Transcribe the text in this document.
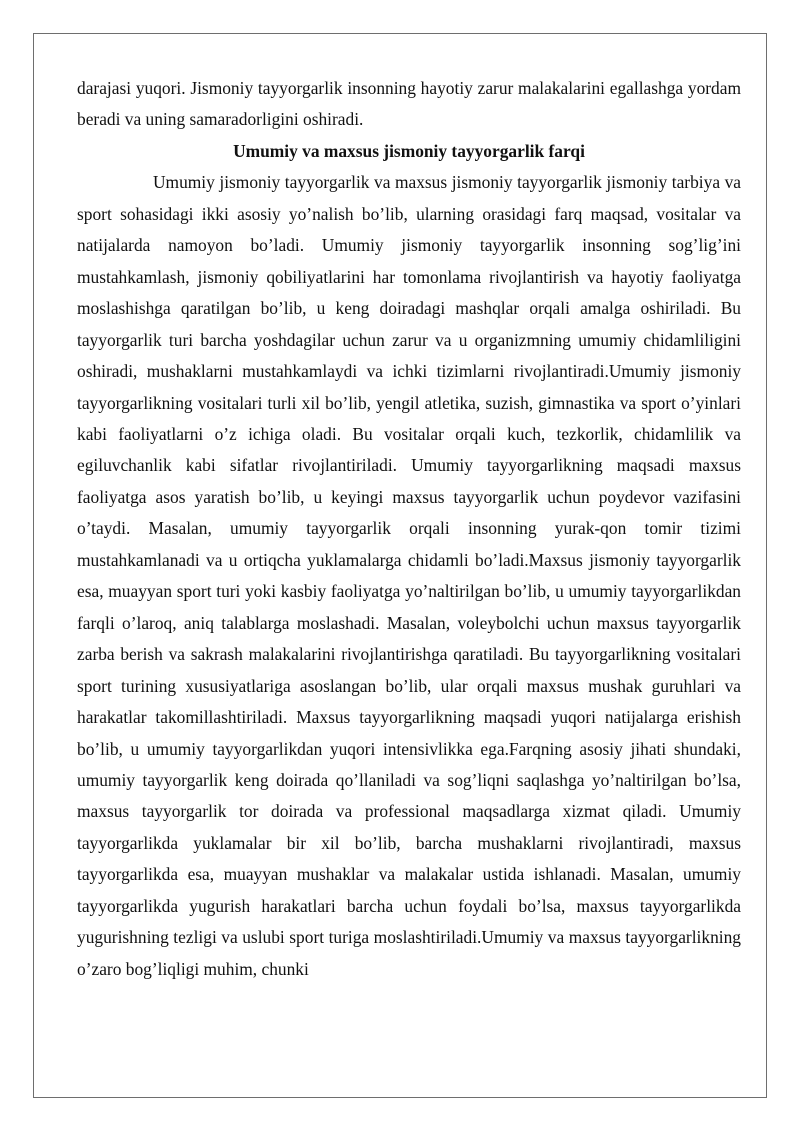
darajasi yuqori. Jismoniy tayyorgarlik insonning hayotiy zarur malakalarini egallashga yordam beradi va uning samaradorligini oshiradi.

Umumiy va maxsus jismoniy tayyorgarlik farqi

Umumiy jismoniy tayyorgarlik va maxsus jismoniy tayyorgarlik jismoniy tarbiya va sport sohasidagi ikki asosiy yo’nalish bo’lib, ularning orasidagi farq maqsad, vositalar va natijalarda namoyon bo’ladi. Umumiy jismoniy tayyorgarlik insonning sog’lig’ini mustahkamlash, jismoniy qobiliyatlarini har tomonlama rivojlantirish va hayotiy faoliyatga moslashishga qaratilgan bo’lib, u keng doiradagi mashqlar orqali amalga oshiriladi. Bu tayyorgarlik turi barcha yoshdagilar uchun zarur va u organizmning umumiy chidamliligini oshiradi, mushaklarni mustahkamlaydi va ichki tizimlarni rivojlantiradi.Umumiy jismoniy tayyorgarlikning vositalari turli xil bo’lib, yengil atletika, suzish, gimnastika va sport o’yinlari kabi faoliyatlarni o’z ichiga oladi. Bu vositalar orqali kuch, tezkorlik, chidamlilik va egiluvchanlik kabi sifatlar rivojlantiriladi. Umumiy tayyorgarlikning maqsadi maxsus faoliyatga asos yaratish bo’lib, u keyingi maxsus tayyorgarlik uchun poydevor vazifasini o’taydi. Masalan, umumiy tayyorgarlik orqali insonning yurak-qon tomir tizimi mustahkamlanadi va u ortiqcha yuklamalarga chidamli bo’ladi.Maxsus jismoniy tayyorgarlik esa, muayyan sport turi yoki kasbiy faoliyatga yo’naltirilgan bo’lib, u umumiy tayyorgarlikdan farqli o’laroq, aniq talablarga moslashadi. Masalan, voleybolchi uchun maxsus tayyorgarlik zarba berish va sakrash malakalarini rivojlantirishga qaratiladi. Bu tayyorgarlikning vositalari sport turining xususiyatlariga asoslangan bo’lib, ular orqali maxsus mushak guruhlari va harakatlar takomillashtiriladi. Maxsus tayyorgarlikning maqsadi yuqori natijalarga erishish bo’lib, u umumiy tayyorgarlikdan yuqori intensivlikka ega.Farqning asosiy jihati shundaki, umumiy tayyorgarlik keng doirada qo’llaniladi va sog’liqni saqlashga yo’naltirilgan bo’lsa, maxsus tayyorgarlik tor doirada va professional maqsadlarga xizmat qiladi. Umumiy tayyorgarlikda yuklamalar bir xil bo’lib, barcha mushaklarni rivojlantiradi, maxsus tayyorgarlikda esa, muayyan mushaklar va malakalar ustida ishlanadi. Masalan, umumiy tayyorgarlikda yugurish harakatlari barcha uchun foydali bo’lsa, maxsus tayyorgarlikda yugurishning tezligi va uslubi sport turiga moslashtiriladi.Umumiy va maxsus tayyorgarlikning o’zaro bog’liqligi muhim, chunki
